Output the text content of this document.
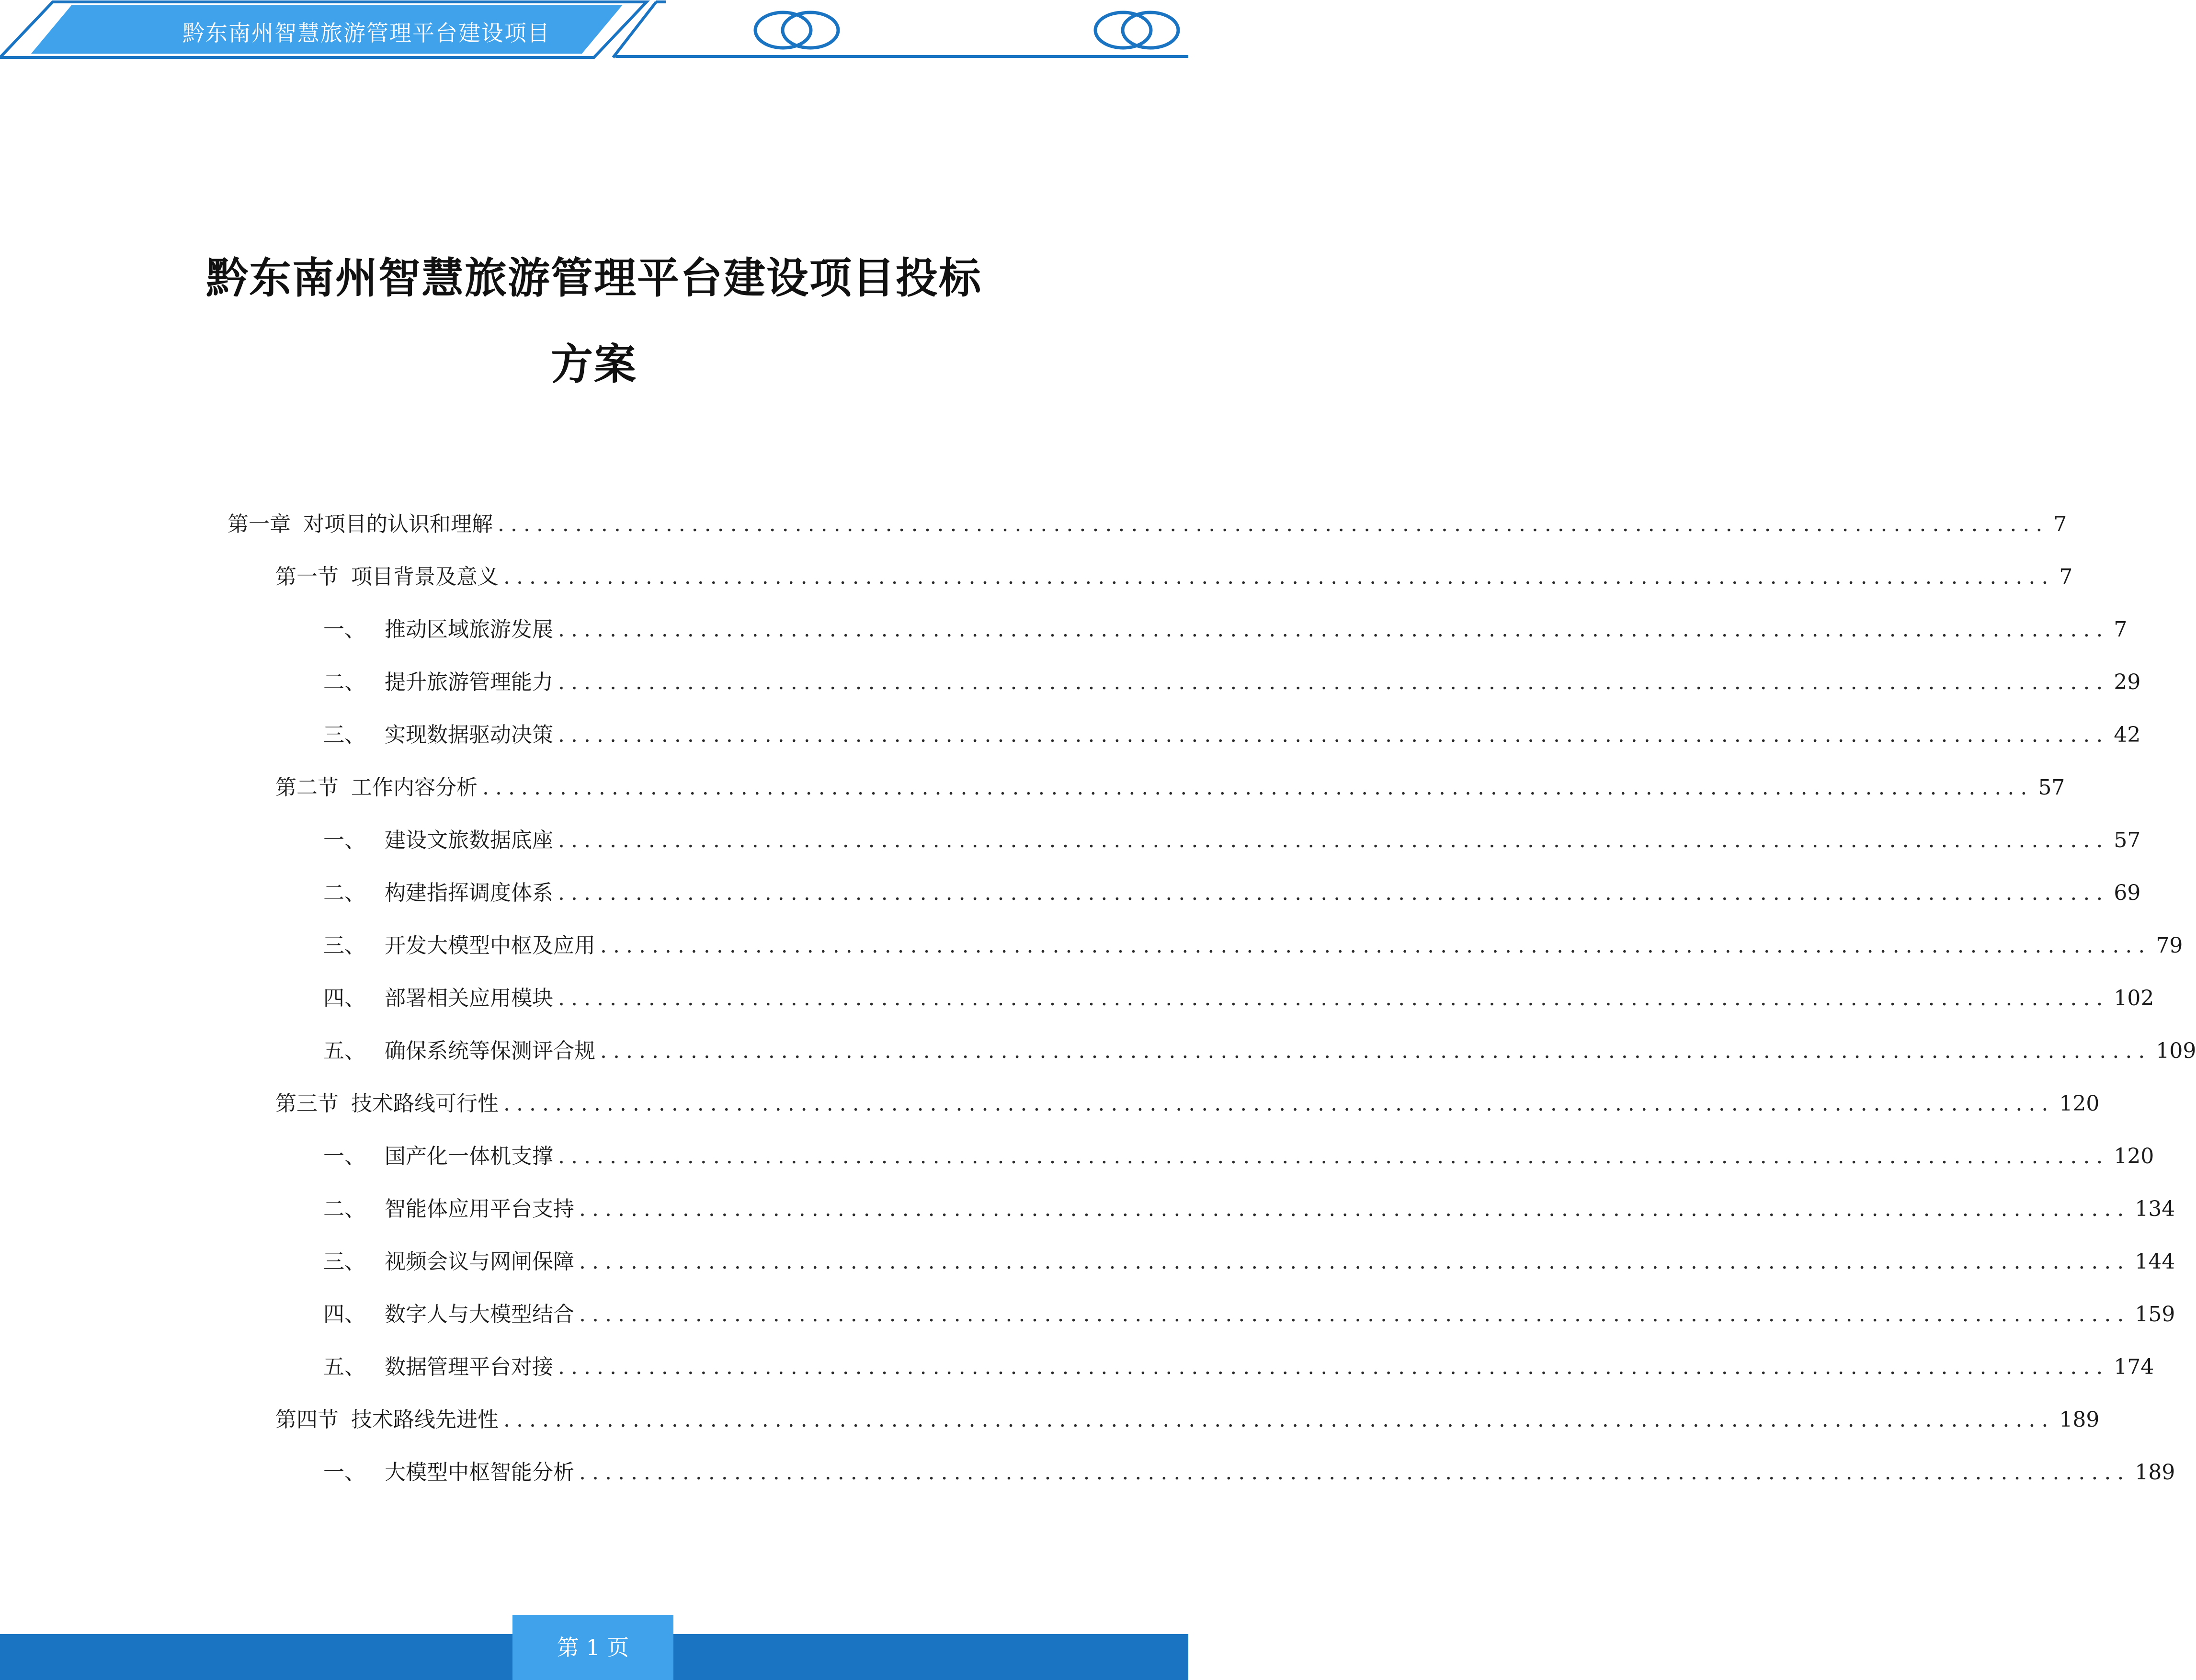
黔东南州智慧旅游管理平台建设项目
黔东南州智慧旅游管理平台建设项目投标
方案
第一章 对项目的认识和理解 ........................................................................................................................ 7
第一节 项目背景及意义 ........................................................................................................................ 7
一、 推动区域旅游发展 ........................................................................................................................ 7
二、 提升旅游管理能力 ........................................................................................................................ 29
三、 实现数据驱动决策 ........................................................................................................................ 42
第二节 工作内容分析 ........................................................................................................................ 57
一、 建设文旅数据底座 ........................................................................................................................ 57
二、 构建指挥调度体系 ........................................................................................................................ 69
三、 开发大模型中枢及应用 ........................................................................................................................ 79
四、 部署相关应用模块 ........................................................................................................................ 102
五、 确保系统等保测评合规 ........................................................................................................................ 109
第三节 技术路线可行性 ........................................................................................................................ 120
一、 国产化一体机支撑 ........................................................................................................................ 120
二、 智能体应用平台支持 ........................................................................................................................ 134
三、 视频会议与网闸保障 ........................................................................................................................ 144
四、 数字人与大模型结合 ........................................................................................................................ 159
五、 数据管理平台对接 ........................................................................................................................ 174
第四节 技术路线先进性 ........................................................................................................................ 189
一、 大模型中枢智能分析 ........................................................................................................................ 189
第 1 页
